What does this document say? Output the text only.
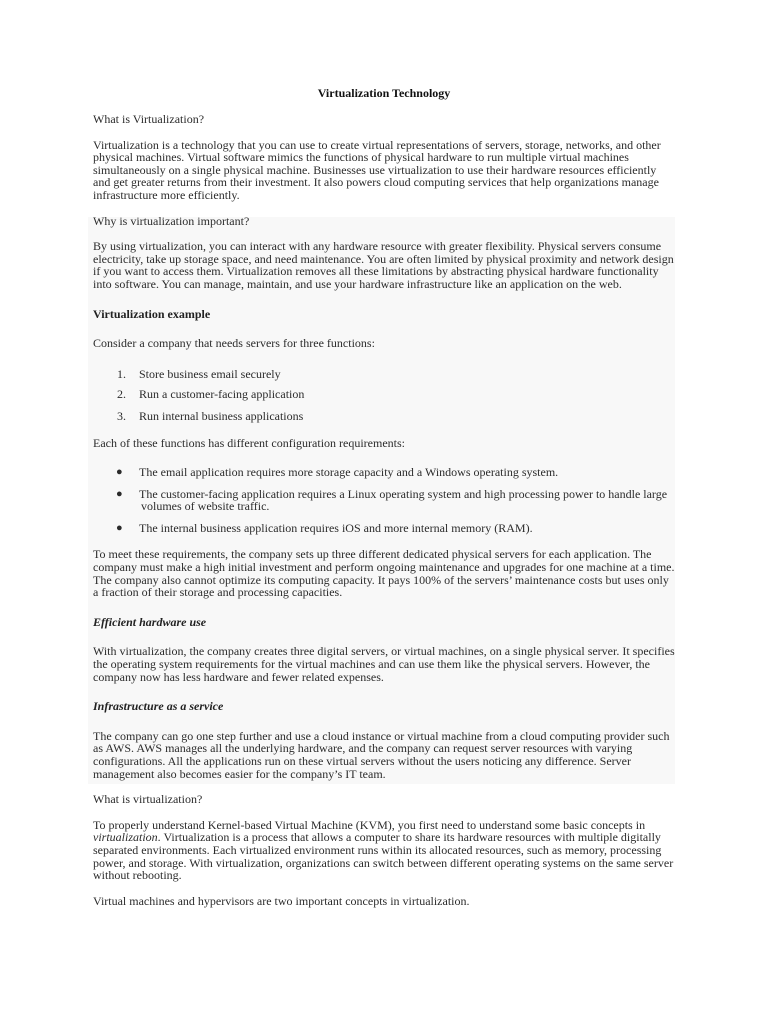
Virtualization Technology

What is Virtualization?

Virtualization is a technology that you can use to create virtual representations of servers, storage, networks, and other physical machines. Virtual software mimics the functions of physical hardware to run multiple virtual machines simultaneously on a single physical machine. Businesses use virtualization to use their hardware resources efficiently and get greater returns from their investment. It also powers cloud computing services that help organizations manage infrastructure more efficiently.

Why is virtualization important?

By using virtualization, you can interact with any hardware resource with greater flexibility. Physical servers consume electricity, take up storage space, and need maintenance. You are often limited by physical proximity and network design if you want to access them. Virtualization removes all these limitations by abstracting physical hardware functionality into software. You can manage, maintain, and use your hardware infrastructure like an application on the web.

Virtualization example

Consider a company that needs servers for three functions:

1. Store business email securely
2. Run a customer-facing application
3. Run internal business applications

Each of these functions has different configuration requirements:

● The email application requires more storage capacity and a Windows operating system.
● The customer-facing application requires a Linux operating system and high processing power to handle large
volumes of website traffic.
● The internal business application requires iOS and more internal memory (RAM).

To meet these requirements, the company sets up three different dedicated physical servers for each application. The company must make a high initial investment and perform ongoing maintenance and upgrades for one machine at a time. The company also cannot optimize its computing capacity. It pays 100% of the servers’ maintenance costs but uses only a fraction of their storage and processing capacities.

Efficient hardware use

With virtualization, the company creates three digital servers, or virtual machines, on a single physical server. It specifies the operating system requirements for the virtual machines and can use them like the physical servers. However, the company now has less hardware and fewer related expenses.

Infrastructure as a service

The company can go one step further and use a cloud instance or virtual machine from a cloud computing provider such as AWS. AWS manages all the underlying hardware, and the company can request server resources with varying configurations. All the applications run on these virtual servers without the users noticing any difference. Server management also becomes easier for the company’s IT team.

What is virtualization?

To properly understand Kernel-based Virtual Machine (KVM), you first need to understand some basic concepts in virtualization. Virtualization is a process that allows a computer to share its hardware resources with multiple digitally separated environments. Each virtualized environment runs within its allocated resources, such as memory, processing power, and storage. With virtualization, organizations can switch between different operating systems on the same server without rebooting.

Virtual machines and hypervisors are two important concepts in virtualization.
